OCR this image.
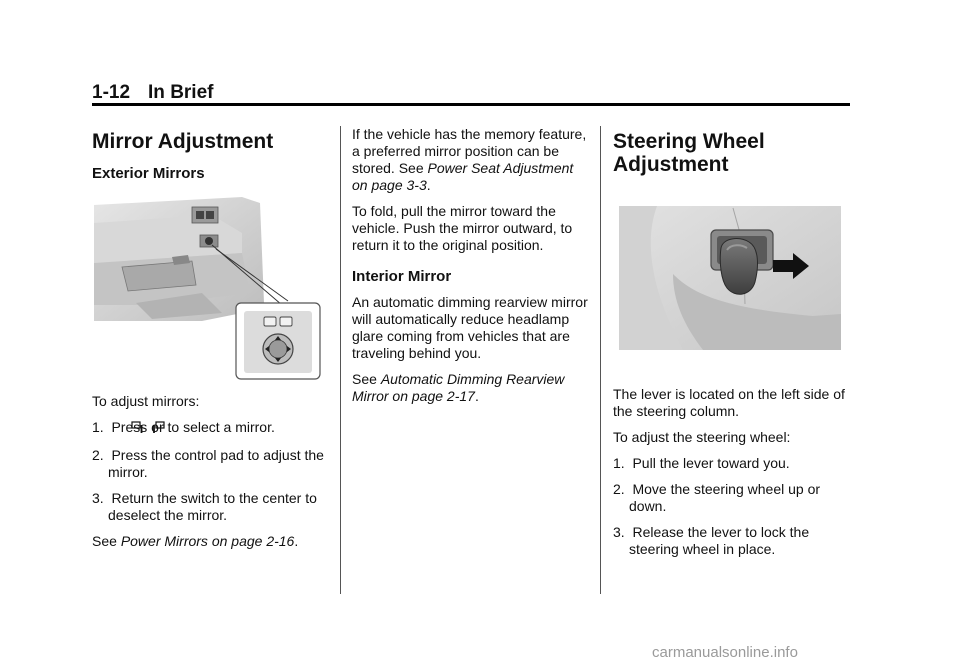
1-12 In Brief
Mirror Adjustment
Exterior Mirrors

To adjust mirrors:

1. Press or to select a mirror.
2. Press the control pad to adjust the mirror.
3. Return the switch to the center to deselect the mirror.

See Power Mirrors on page 2-16.

If the vehicle has the memory feature, a preferred mirror position can be stored. See Power Seat Adjustment on page 3-3.

To fold, pull the mirror toward the vehicle. Push the mirror outward, to return it to the original position.

Interior Mirror

An automatic dimming rearview mirror will automatically reduce headlamp glare coming from vehicles that are traveling behind you.

See Automatic Dimming Rearview Mirror on page 2-17.

Steering Wheel Adjustment

The lever is located on the left side of the steering column.

To adjust the steering wheel:

1. Pull the lever toward you.
2. Move the steering wheel up or down.
3. Release the lever to lock the steering wheel in place.
carmanualsonline.info
